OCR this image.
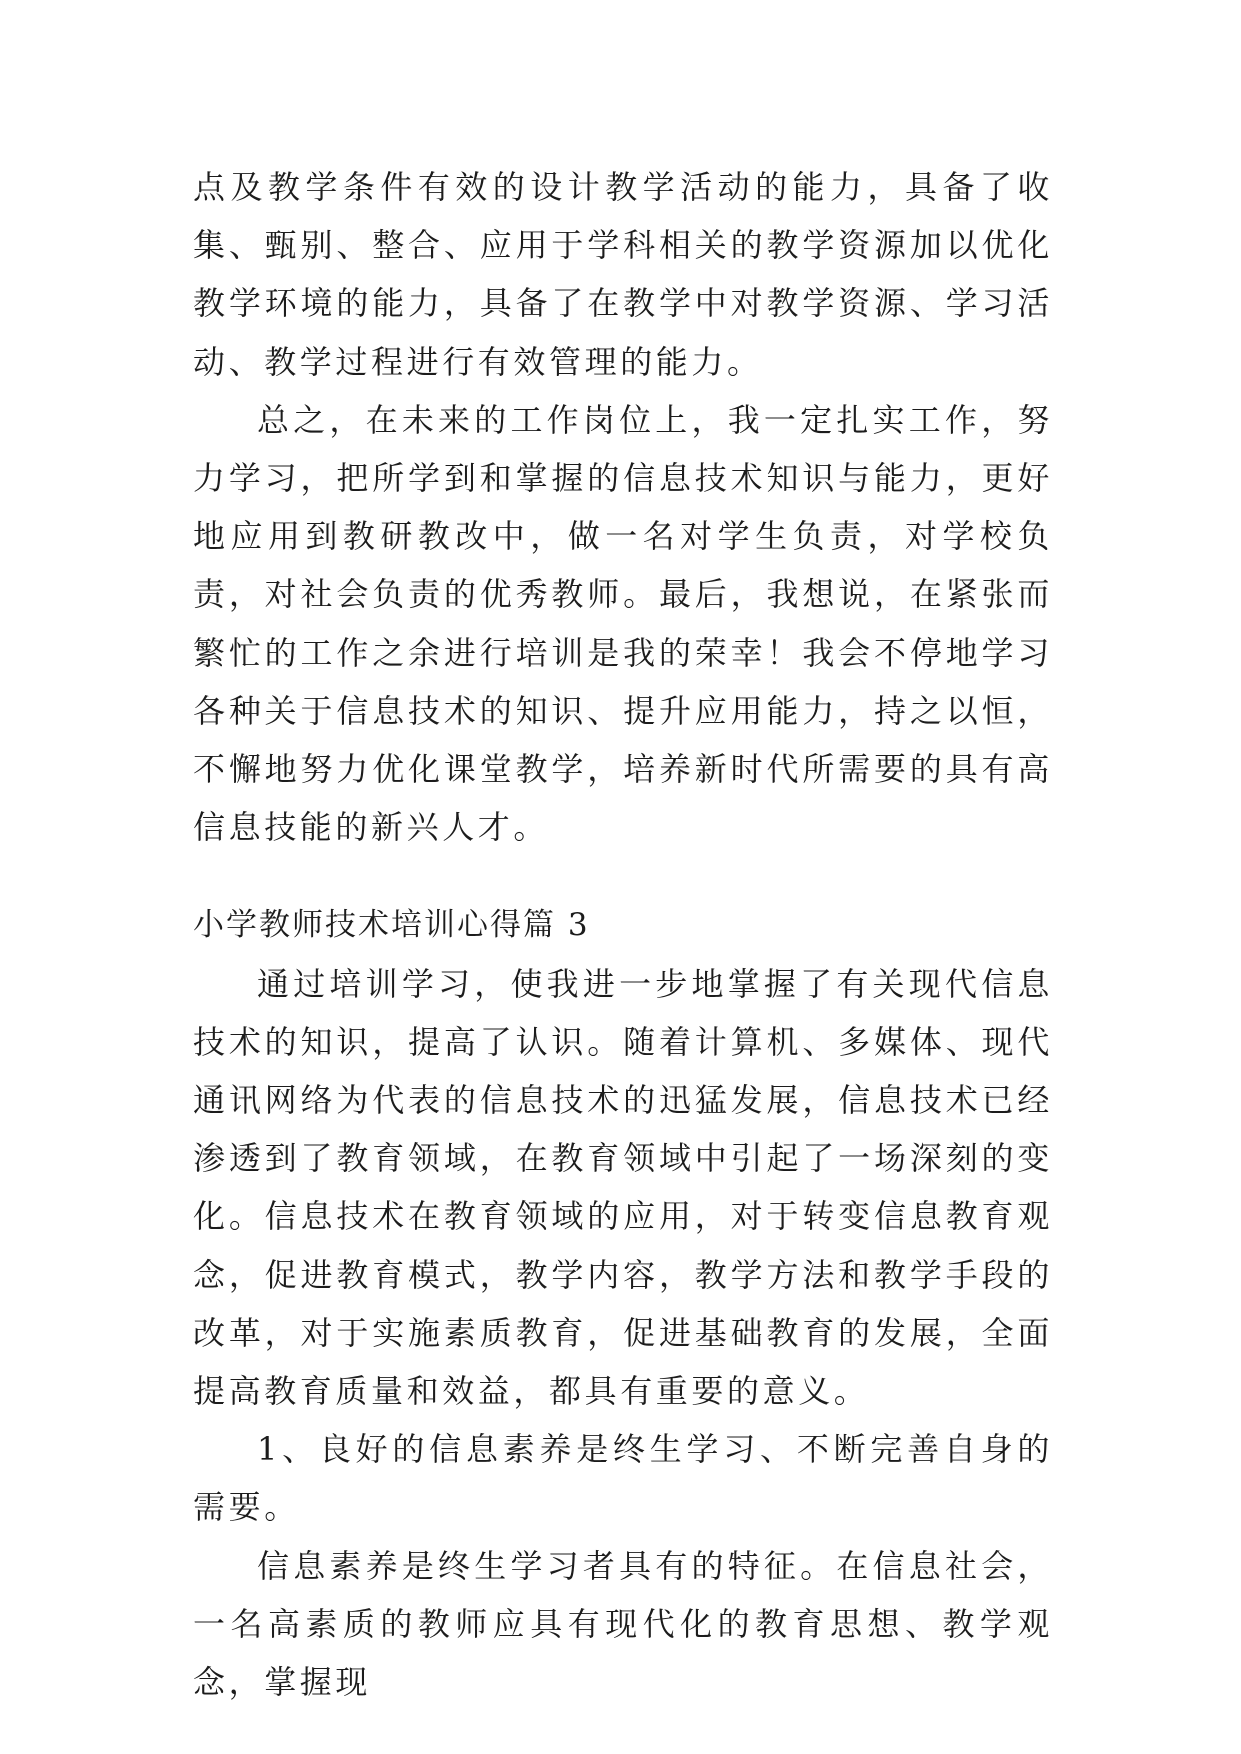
点及教学条件有效的设计教学活动的能力，具备了收集、甄别、整合、应用于学科相关的教学资源加以优化教学环境的能力，具备了在教学中对教学资源、学习活动、教学过程进行有效管理的能力。

总之，在未来的工作岗位上，我一定扎实工作，努力学习，把所学到和掌握的信息技术知识与能力，更好地应用到教研教改中，做一名对学生负责，对学校负责，对社会负责的优秀教师。最后，我想说，在紧张而繁忙的工作之余进行培训是我的荣幸！我会不停地学习各种关于信息技术的知识、提升应用能力，持之以恒，不懈地努力优化课堂教学，培养新时代所需要的具有高信息技能的新兴人才。

小学教师技术培训心得篇 3

通过培训学习，使我进一步地掌握了有关现代信息技术的知识，提高了认识。随着计算机、多媒体、现代通讯网络为代表的信息技术的迅猛发展，信息技术已经渗透到了教育领域，在教育领域中引起了一场深刻的变化。信息技术在教育领域的应用，对于转变信息教育观念，促进教育模式，教学内容，教学方法和教学手段的改革，对于实施素质教育，促进基础教育的发展，全面提高教育质量和效益，都具有重要的意义。

1、良好的信息素养是终生学习、不断完善自身的需要。

信息素养是终生学习者具有的特征。在信息社会，一名高素质的教师应具有现代化的教育思想、教学观念，掌握现
